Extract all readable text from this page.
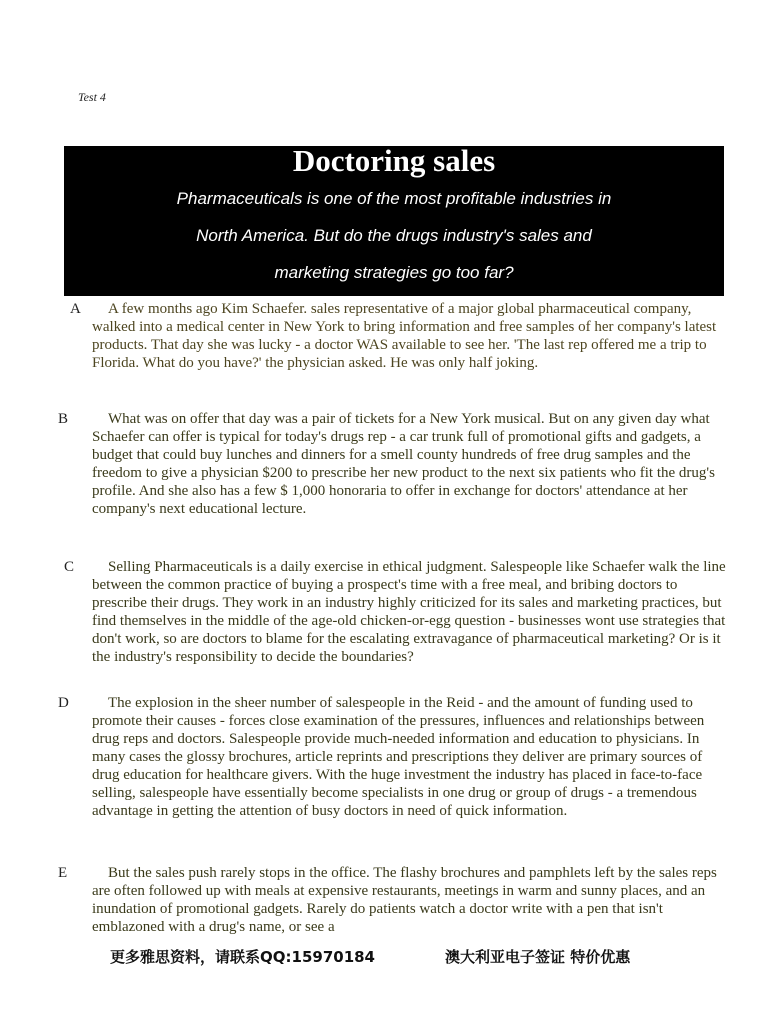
Test 4
Doctoring sales
Pharmaceuticals is one of the most profitable industries in
North America. But do the drugs industry's sales and
marketing strategies go too far?
A	A few months ago Kim Schaefer. sales representative of a major global pharmaceutical company, walked into a medical center in New York to bring information and free samples of her company's latest products. That day she was lucky - a doctor WAS available to see her. 'The last rep offered me a trip to Florida. What do you have?' the physician asked. He was only half joking.
B	What was on offer that day was a pair of tickets for a New York musical. But on any given day what Schaefer can offer is typical for today's drugs rep - a car trunk full of promotional gifts and gadgets, a budget that could buy lunches and dinners for a smell county hundreds of free drug samples and the freedom to give a physician $200 to prescribe her new product to the next six patients who fit the drug's profile. And she also has a few $ 1,000 honoraria to offer in exchange for doctors' attendance at her company's next educational lecture.
C	Selling Pharmaceuticals is a daily exercise in ethical judgment. Salespeople like Schaefer walk the line between the common practice of buying a prospect's time with a free meal, and bribing doctors to prescribe their drugs. They work in an industry highly criticized for its sales and marketing practices, but find themselves in the middle of the age-old chicken-or-egg question - businesses wont use strategies that don't work, so are doctors to blame for the escalating extravagance of pharmaceutical marketing? Or is it the industry's responsibility to decide the boundaries?
D	The explosion in the sheer number of salespeople in the Reid - and the amount of funding used to promote their causes - forces close examination of the pressures, influences and relationships between drug reps and doctors. Salespeople provide much-needed information and education to physicians. In many cases the glossy brochures, article reprints and prescriptions they deliver are primary sources of drug education for healthcare givers. With the huge investment the industry has placed in face-to-face selling, salespeople have essentially become specialists in one drug or group of drugs - a tremendous advantage in getting the attention of busy doctors in need of quick information.
E	But the sales push rarely stops in the office. The flashy brochures and pamphlets left by the sales reps are often followed up with meals at expensive restaurants, meetings in warm and sunny places, and an inundation of promotional gadgets. Rarely do patients watch a doctor write with a pen that isn't emblazoned with a drug's name, or see a
更多雅思资料，请联系QQ:15970184	澳大利亚电子签证 特价优惠
